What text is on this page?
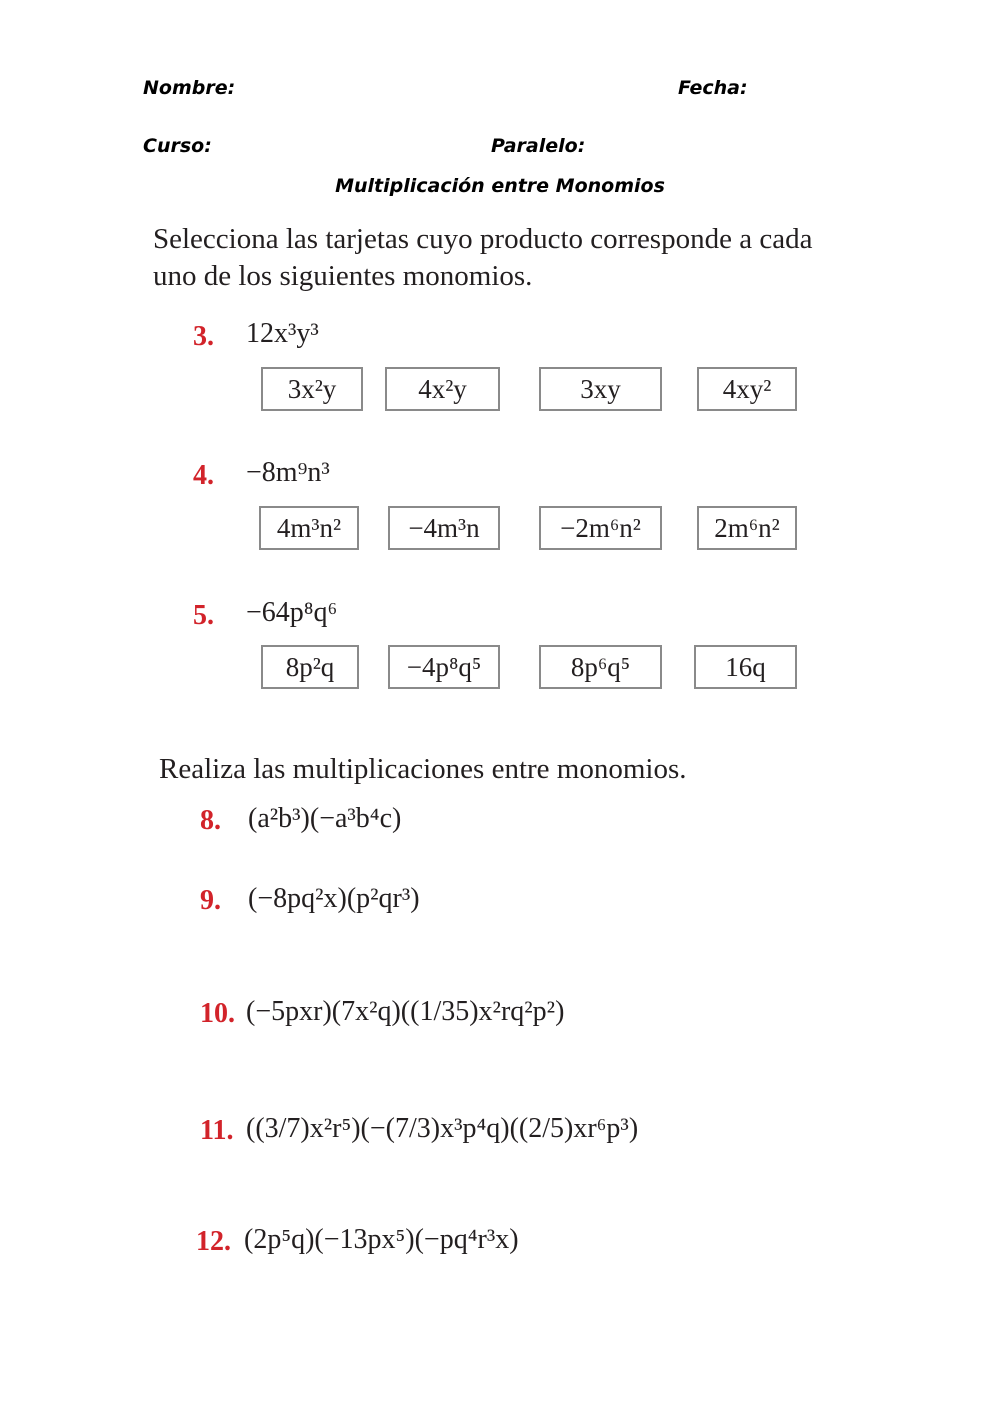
Nombre:	Fecha:
Curso:	Paralelo:
Multiplicación entre Monomios
Selecciona las tarjetas cuyo producto corresponde a cada
uno de los siguientes monomios.
3. 12x³y³
3x²y	4x²y	3xy	4xy²
4. −8m⁹n³
4m³n²	−4m³n	−2m⁶n²	2m⁶n²
5. −64p⁸q⁶
8p²q	−4p⁸q⁵	8p⁶q⁵	16q
Realiza las multiplicaciones entre monomios.
8. (a²b³)(−a³b⁴c)
9. (−8pq²x)(p²qr³)
10. (−5pxr)(7x²q)((1/35)x²rq²p²)
11. ((3/7)x²r⁵)(−(7/3)x³p⁴q)((2/5)xr⁶p³)
12. (2p⁵q)(−13px⁵)(−pq⁴r³x)
